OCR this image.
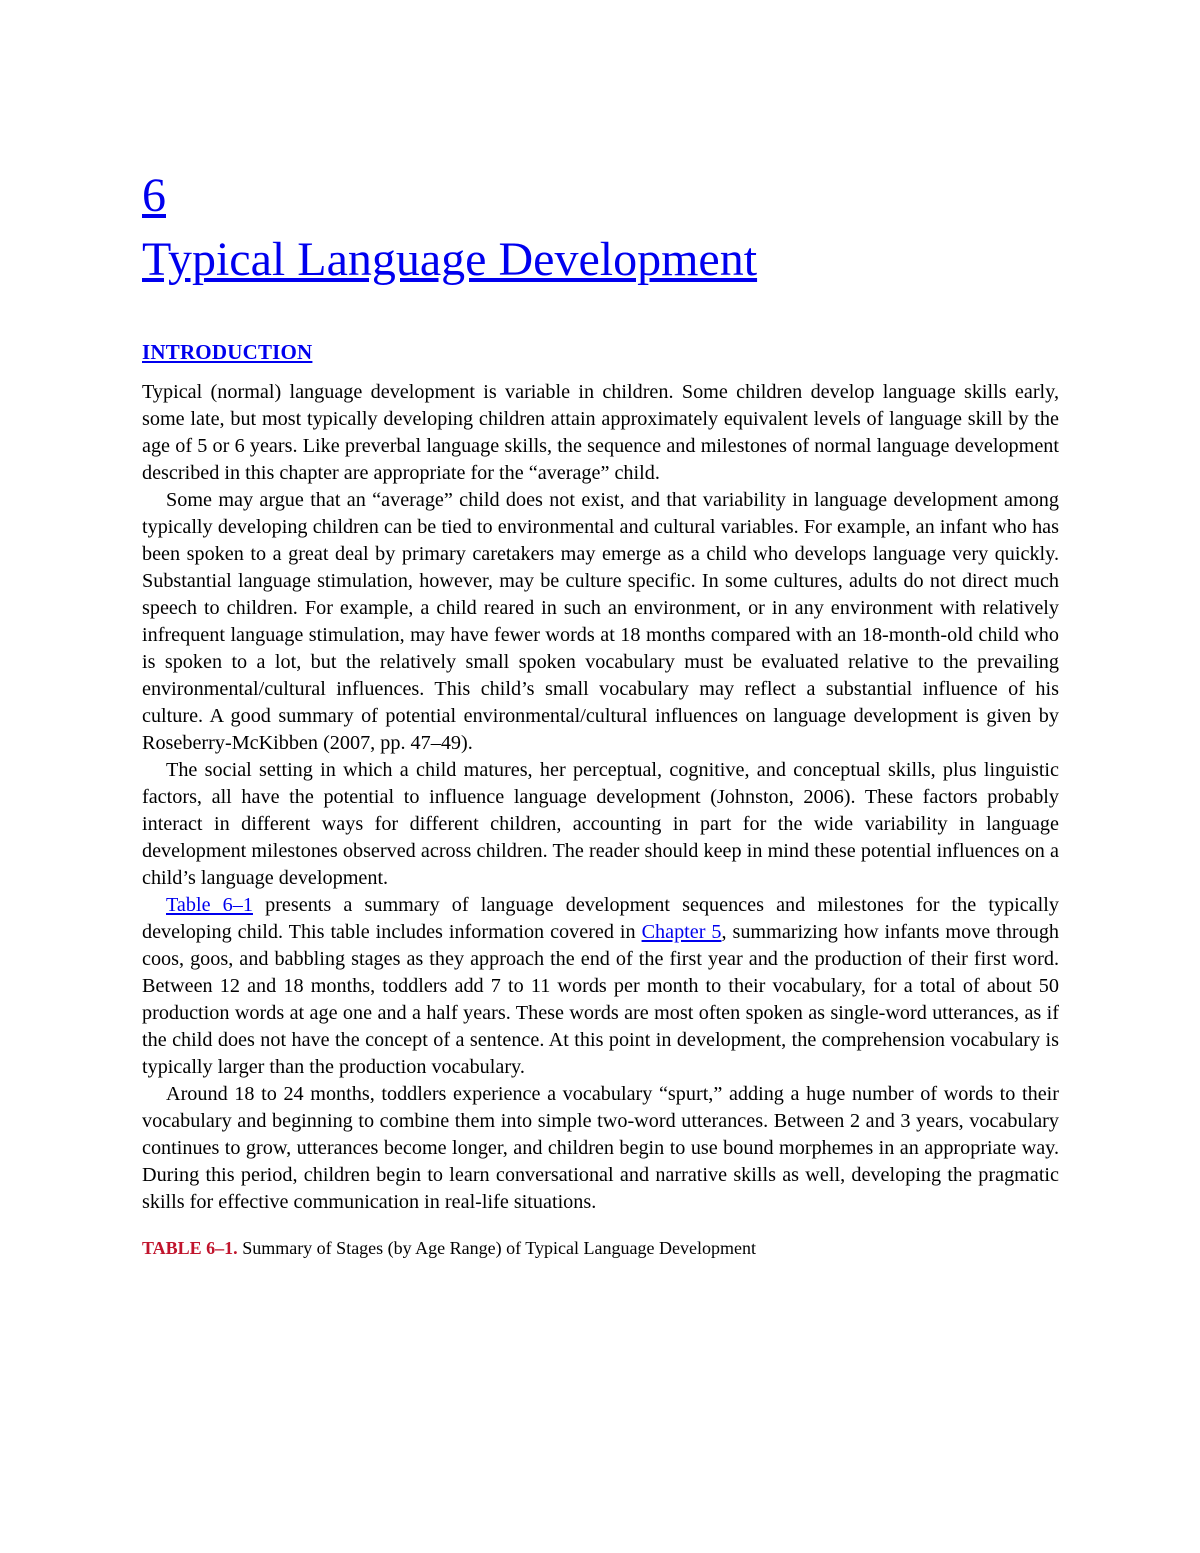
6
Typical Language Development
INTRODUCTION

Typical (normal) language development is variable in children. Some children develop language skills early, some late, but most typically developing children attain approximately equivalent levels of language skill by the age of 5 or 6 years. Like preverbal language skills, the sequence and milestones of normal language development described in this chapter are appropriate for the “average” child.

Some may argue that an “average” child does not exist, and that variability in language development among typically developing children can be tied to environmental and cultural variables. For example, an infant who has been spoken to a great deal by primary caretakers may emerge as a child who develops language very quickly. Substantial language stimulation, however, may be culture specific. In some cultures, adults do not direct much speech to children. For example, a child reared in such an environment, or in any environment with relatively infrequent language stimulation, may have fewer words at 18 months compared with an 18-month-old child who is spoken to a lot, but the relatively small spoken vocabulary must be evaluated relative to the prevailing environmental/cultural influences. This child’s small vocabulary may reflect a substantial influence of his culture. A good summary of potential environmental/cultural influences on language development is given by Roseberry-McKibben (2007, pp. 47–49).

The social setting in which a child matures, her perceptual, cognitive, and conceptual skills, plus linguistic factors, all have the potential to influence language development (Johnston, 2006). These factors probably interact in different ways for different children, accounting in part for the wide variability in language development milestones observed across children. The reader should keep in mind these potential influences on a child’s language development.

Table 6–1 presents a summary of language development sequences and milestones for the typically developing child. This table includes information covered in Chapter 5, summarizing how infants move through coos, goos, and babbling stages as they approach the end of the first year and the production of their first word. Between 12 and 18 months, toddlers add 7 to 11 words per month to their vocabulary, for a total of about 50 production words at age one and a half years. These words are most often spoken as single-word utterances, as if the child does not have the concept of a sentence. At this point in development, the comprehension vocabulary is typically larger than the production vocabulary.

Around 18 to 24 months, toddlers experience a vocabulary “spurt,” adding a huge number of words to their vocabulary and beginning to combine them into simple two-word utterances. Between 2 and 3 years, vocabulary continues to grow, utterances become longer, and children begin to use bound morphemes in an appropriate way. During this period, children begin to learn conversational and narrative skills as well, developing the pragmatic skills for effective communication in real-life situations.

TABLE 6–1. Summary of Stages (by Age Range) of Typical Language Development
